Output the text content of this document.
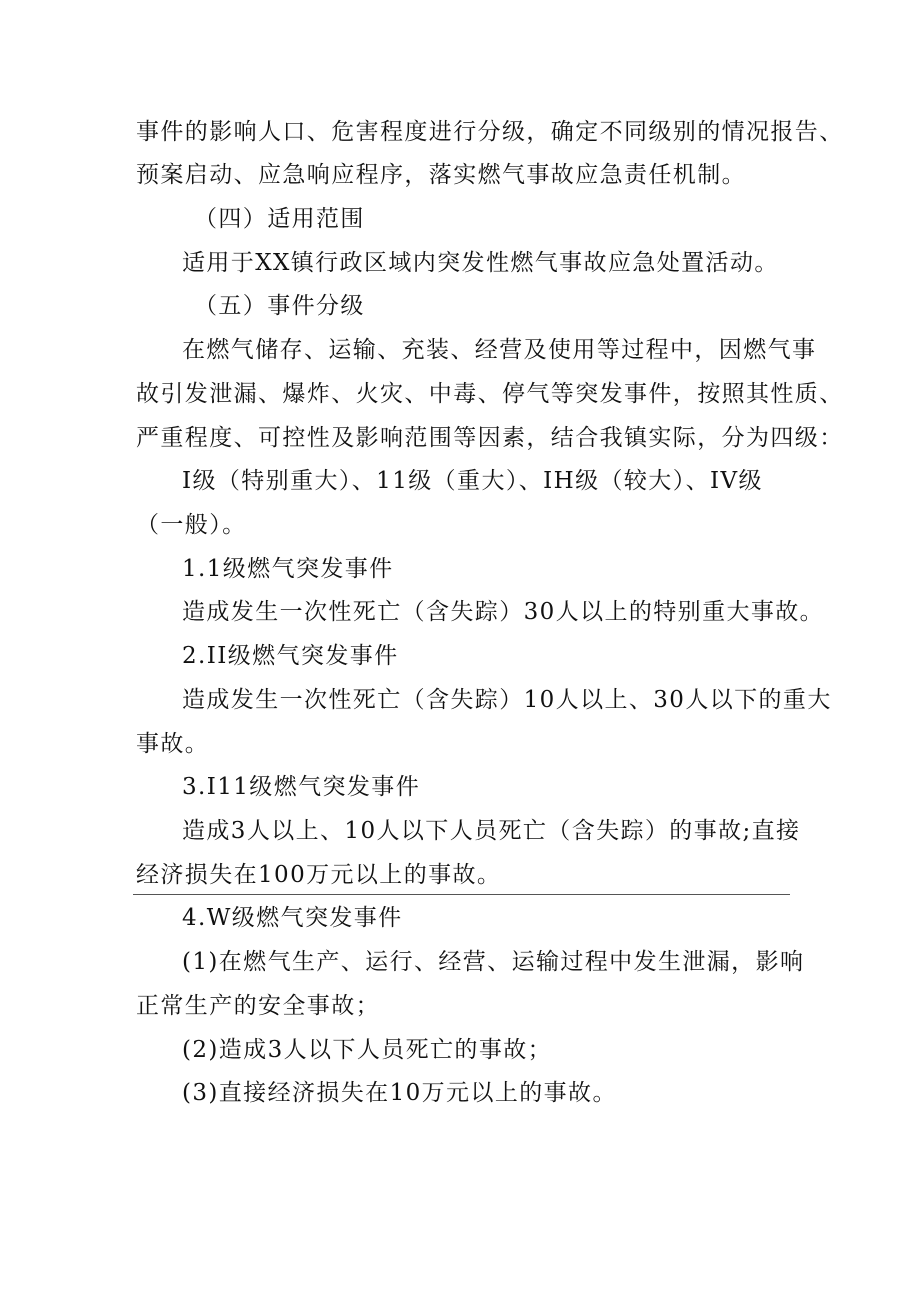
事件的影响人口、危害程度进行分级，确定不同级别的情况报告、
预案启动、应急响应程序，落实燃气事故应急责任机制。
（四）适用范围
适用于XX镇行政区域内突发性燃气事故应急处置活动。
（五）事件分级
在燃气储存、运输、充装、经营及使用等过程中，因燃气事
故引发泄漏、爆炸、火灾、中毒、停气等突发事件，按照其性质、
严重程度、可控性及影响范围等因素，结合我镇实际，分为四级：
I级（特别重大）、11级（重大）、IH级（较大）、IV级
（一般）。
1.1级燃气突发事件
造成发生一次性死亡（含失踪）30人以上的特别重大事故。
2.II级燃气突发事件
造成发生一次性死亡（含失踪）10人以上、30人以下的重大
事故。
3.I11级燃气突发事件
造成3人以上、10人以下人员死亡（含失踪）的事故;直接
经济损失在100万元以上的事故。
4.W级燃气突发事件
(1)在燃气生产、运行、经营、运输过程中发生泄漏，影响
正常生产的安全事故；
(2)造成3人以下人员死亡的事故；
(3)直接经济损失在10万元以上的事故。
